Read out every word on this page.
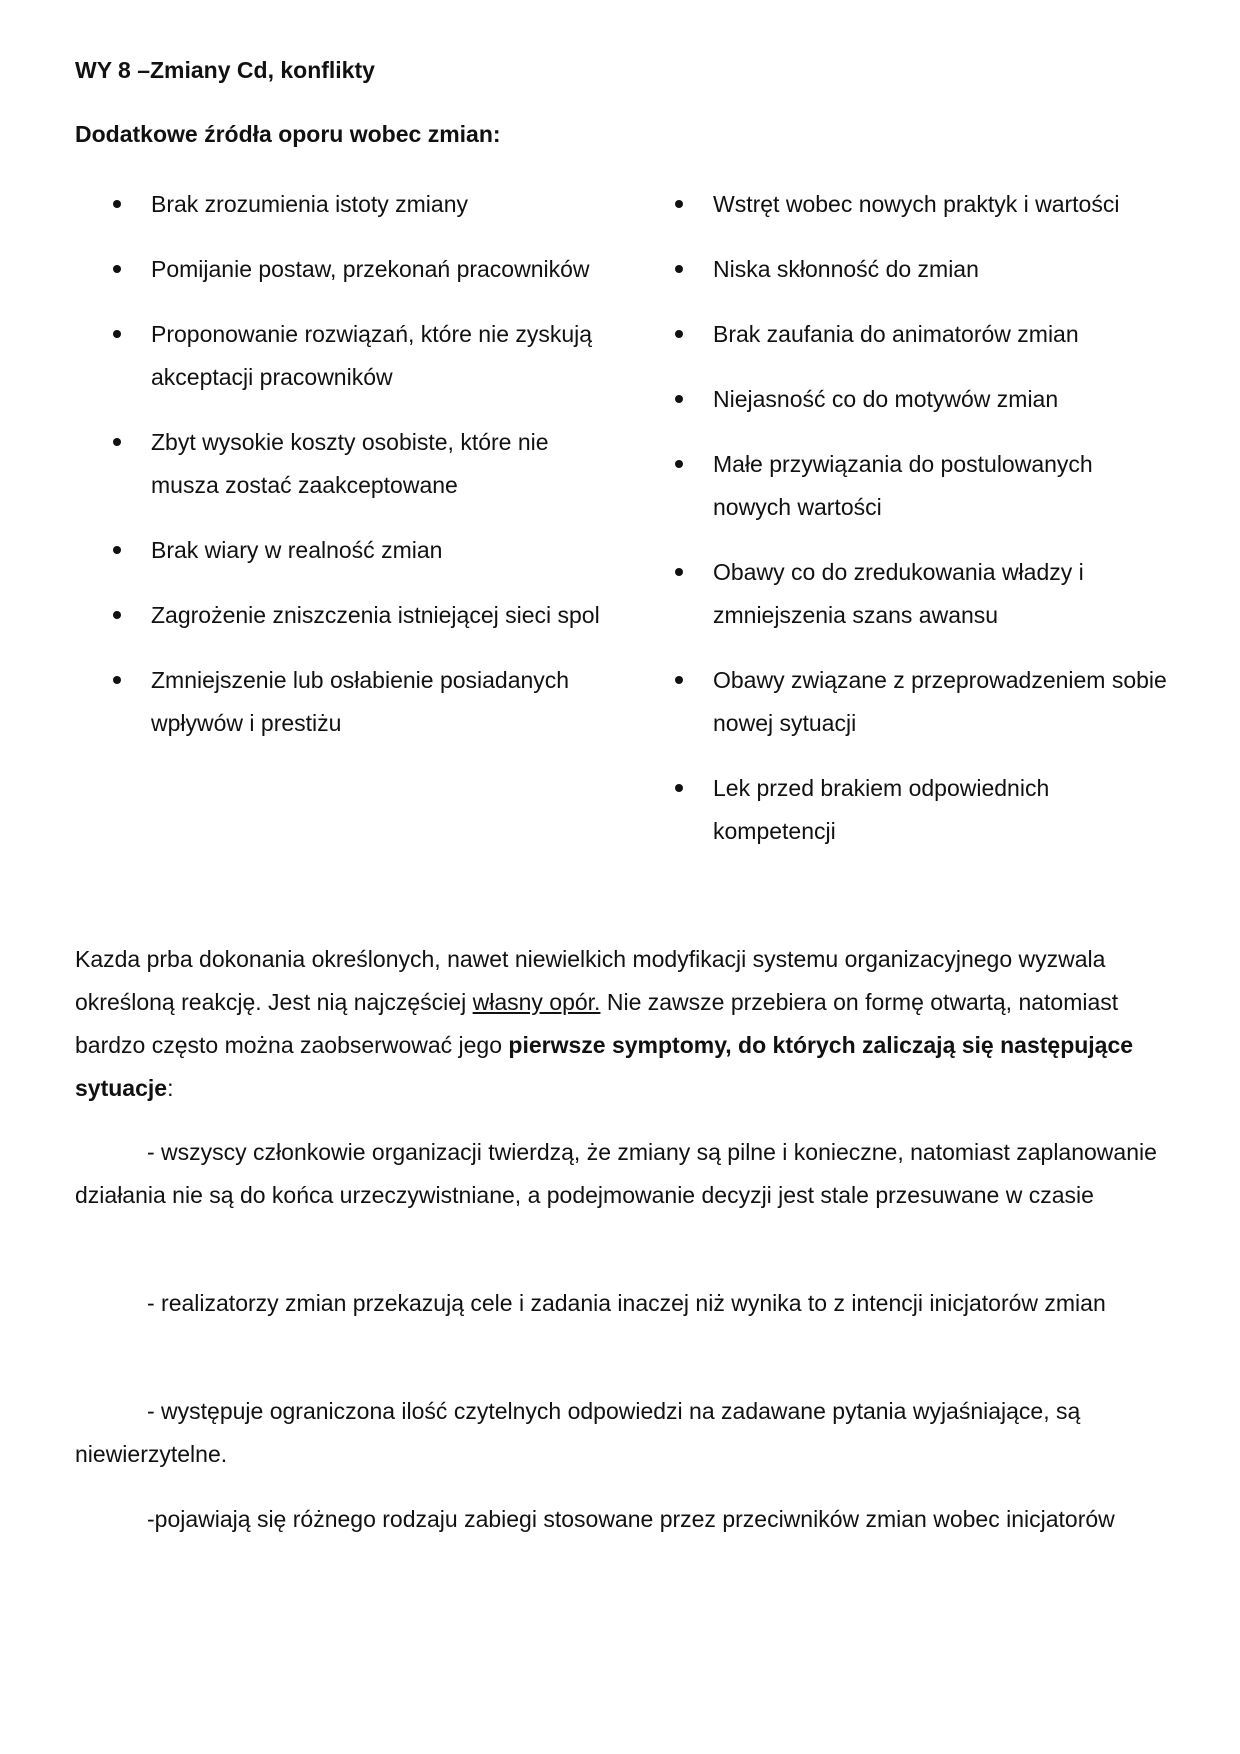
WY 8 –Zmiany Cd, konflikty
Dodatkowe źródła oporu wobec zmian:
Brak zrozumienia istoty zmiany
Pomijanie postaw, przekonań pracowników
Proponowanie rozwiązań, które nie zyskują akceptacji pracowników
Zbyt wysokie koszty osobiste, które nie musza zostać zaakceptowane
Brak wiary w realność zmian
Zagrożenie zniszczenia istniejącej sieci spol
Zmniejszenie lub osłabienie posiadanych wpływów i prestiżu
Wstręt wobec nowych praktyk i wartości
Niska skłonność do zmian
Brak zaufania do animatorów zmian
Niejasność co do motywów zmian
Małe przywiązania do postulowanych nowych wartości
Obawy co do zredukowania władzy i zmniejszenia szans awansu
Obawy związane z przeprowadzeniem sobie nowej sytuacji
Lek przed brakiem odpowiednich kompetencji

Kazda prba dokonania określonych, nawet niewielkich modyfikacji systemu organizacyjnego wyzwala określoną reakcję. Jest nią najczęściej własny opór. Nie zawsze przebiera on formę otwartą, natomiast bardzo często można zaobserwować jego pierwsze symptomy, do których zaliczają się następujące sytuacje:

- wszyscy członkowie organizacji twierdzą, że zmiany są pilne i konieczne, natomiast zaplanowanie działania nie są do końca urzeczywistniane, a podejmowanie decyzji jest stale przesuwane w czasie

- realizatorzy zmian przekazują cele i zadania inaczej niż wynika to z intencji inicjatorów zmian

- występuje ograniczona ilość czytelnych odpowiedzi na zadawane pytania wyjaśniające, są niewierzytelne.

-pojawiają się różnego rodzaju zabiegi stosowane przez przeciwników zmian wobec inicjatorów
